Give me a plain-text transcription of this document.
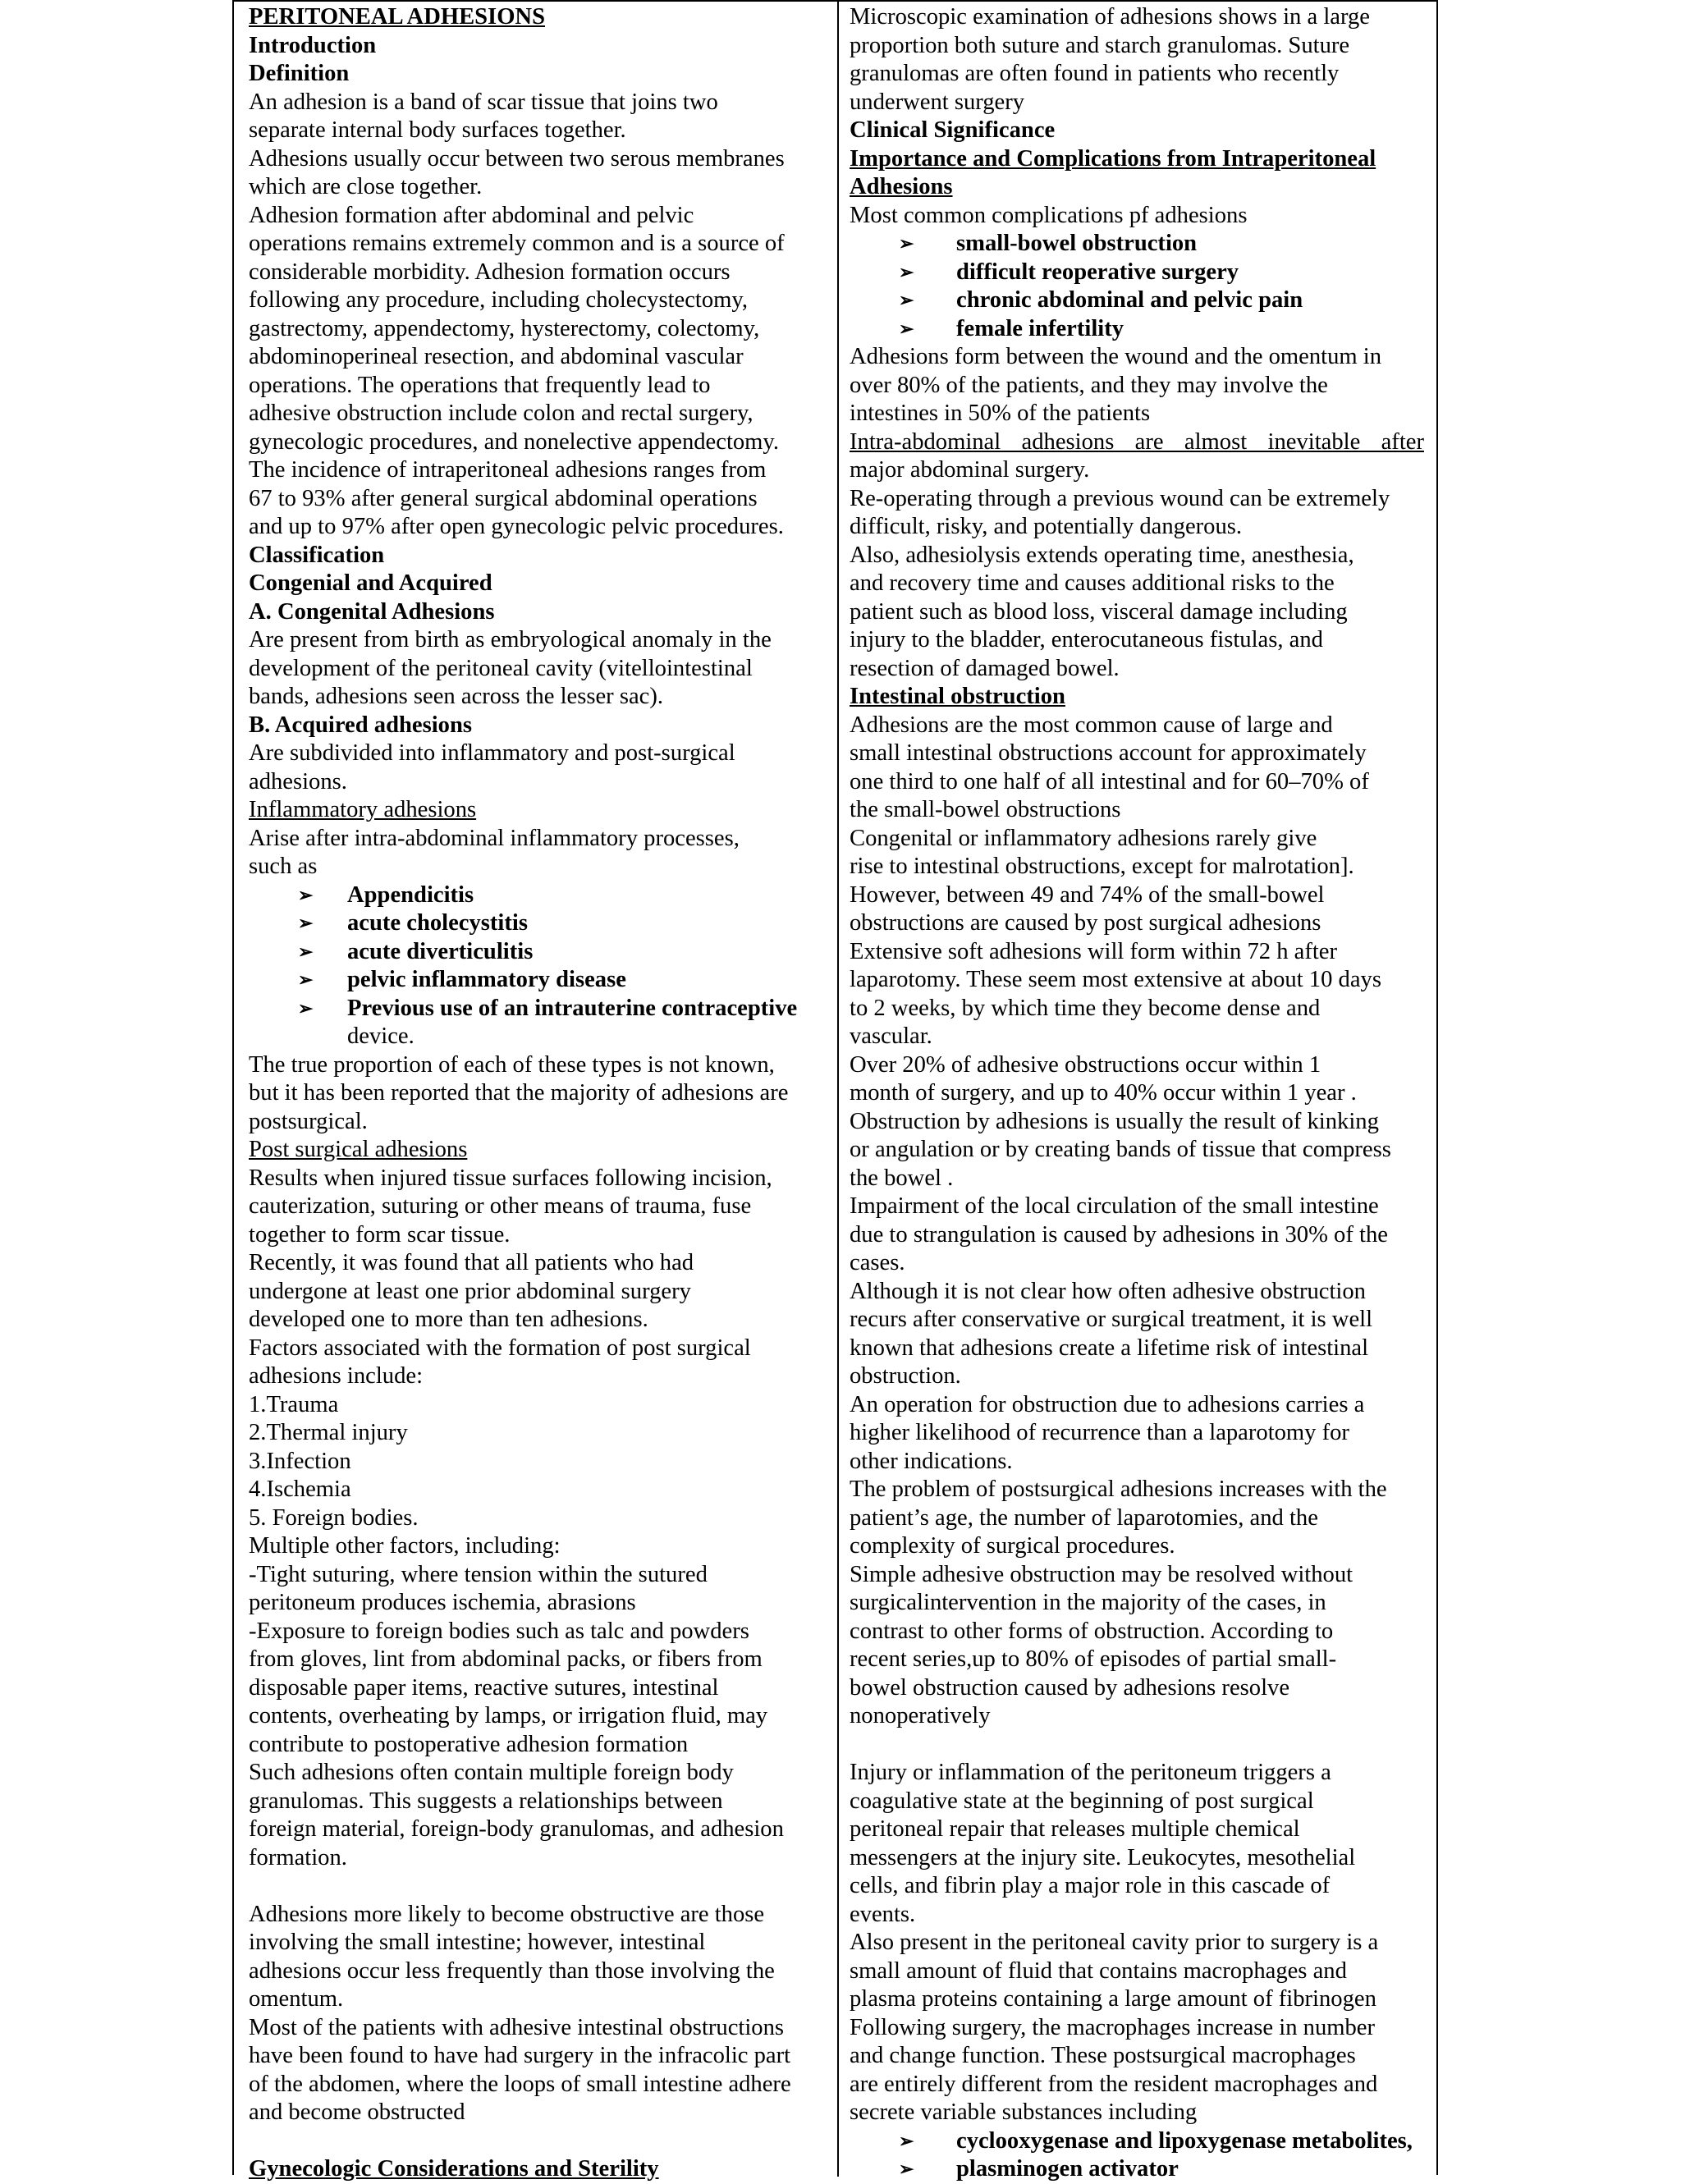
PERITONEAL ADHESIONS
Introduction
Definition
An adhesion is a band of scar tissue that joins two
separate internal body surfaces together.
Adhesions usually occur between two serous membranes
which are close together.
Adhesion formation after abdominal and pelvic
operations remains extremely common and is a source of
considerable morbidity. Adhesion formation occurs
following any procedure, including cholecystectomy,
gastrectomy, appendectomy, hysterectomy, colectomy,
abdominoperineal resection, and abdominal vascular
operations. The operations that frequently lead to
adhesive obstruction include colon and rectal surgery,
gynecologic procedures, and nonelective appendectomy.
The incidence of intraperitoneal adhesions ranges from
67 to 93% after general surgical abdominal operations
and up to 97% after open gynecologic pelvic procedures.
Classification
Congenial and Acquired
A. Congenital Adhesions
Are present from birth as embryological anomaly in the
development of the peritoneal cavity (vitellointestinal
bands, adhesions seen across the lesser sac).
B. Acquired adhesions
Are subdivided into inflammatory and post-surgical
adhesions.
Inflammatory adhesions
Arise after intra-abdominal inflammatory processes,
such as
➢ Appendicitis
➢ acute cholecystitis
➢ acute diverticulitis
➢ pelvic inflammatory disease
➢ Previous use of an intrauterine contraceptive
device.
The true proportion of each of these types is not known,
but it has been reported that the majority of adhesions are
postsurgical.
Post surgical adhesions
Results when injured tissue surfaces following incision,
cauterization, suturing or other means of trauma, fuse
together to form scar tissue.
Recently, it was found that all patients who had
undergone at least one prior abdominal surgery
developed one to more than ten adhesions.
Factors associated with the formation of post surgical
adhesions include:
1.Trauma
2.Thermal injury
3.Infection
4.Ischemia
5. Foreign bodies.
Multiple other factors, including:
-Tight suturing, where tension within the sutured
peritoneum produces ischemia, abrasions
-Exposure to foreign bodies such as talc and powders
from gloves, lint from abdominal packs, or fibers from
disposable paper items, reactive sutures, intestinal
contents, overheating by lamps, or irrigation fluid, may
contribute to postoperative adhesion formation
Such adhesions often contain multiple foreign body
granulomas. This suggests a relationships between
foreign material, foreign-body granulomas, and adhesion
formation.
Adhesions more likely to become obstructive are those
involving the small intestine; however, intestinal
adhesions occur less frequently than those involving the
omentum.
Most of the patients with adhesive intestinal obstructions
have been found to have had surgery in the infracolic part
of the abdomen, where the loops of small intestine adhere
and become obstructed
Gynecologic Considerations and Sterility
Microscopic examination of adhesions shows in a large
proportion both suture and starch granulomas. Suture
granulomas are often found in patients who recently
underwent surgery
Clinical Significance
Importance and Complications from Intraperitoneal
Adhesions
Most common complications pf adhesions
➢ small-bowel obstruction
➢ difficult reoperative surgery
➢ chronic abdominal and pelvic pain
➢ female infertility
Adhesions form between the wound and the omentum in
over 80% of the patients, and they may involve the
intestines in 50% of the patients
Intra-abdominal adhesions are almost inevitable after
major abdominal surgery.
Re-operating through a previous wound can be extremely
difficult, risky, and potentially dangerous.
Also, adhesiolysis extends operating time, anesthesia,
and recovery time and causes additional risks to the
patient such as blood loss, visceral damage including
injury to the bladder, enterocutaneous fistulas, and
resection of damaged bowel.
Intestinal obstruction
Adhesions are the most common cause of large and
small intestinal obstructions account for approximately
one third to one half of all intestinal and for 60–70% of
the small-bowel obstructions
Congenital or inflammatory adhesions rarely give
rise to intestinal obstructions, except for malrotation].
However, between 49 and 74% of the small-bowel
obstructions are caused by post surgical adhesions
Extensive soft adhesions will form within 72 h after
laparotomy. These seem most extensive at about 10 days
to 2 weeks, by which time they become dense and
vascular.
Over 20% of adhesive obstructions occur within 1
month of surgery, and up to 40% occur within 1 year .
Obstruction by adhesions is usually the result of kinking
or angulation or by creating bands of tissue that compress
the bowel .
Impairment of the local circulation of the small intestine
due to strangulation is caused by adhesions in 30% of the
cases.
Although it is not clear how often adhesive obstruction
recurs after conservative or surgical treatment, it is well
known that adhesions create a lifetime risk of intestinal
obstruction.
An operation for obstruction due to adhesions carries a
higher likelihood of recurrence than a laparotomy for
other indications.
The problem of postsurgical adhesions increases with the
patient’s age, the number of laparotomies, and the
complexity of surgical procedures.
Simple adhesive obstruction may be resolved without
surgicalintervention in the majority of the cases, in
contrast to other forms of obstruction. According to
recent series,up to 80% of episodes of partial small-
bowel obstruction caused by adhesions resolve
nonoperatively
Injury or inflammation of the peritoneum triggers a
coagulative state at the beginning of post surgical
peritoneal repair that releases multiple chemical
messengers at the injury site. Leukocytes, mesothelial
cells, and fibrin play a major role in this cascade of
events.
Also present in the peritoneal cavity prior to surgery is a
small amount of fluid that contains macrophages and
plasma proteins containing a large amount of fibrinogen
Following surgery, the macrophages increase in number
and change function. These postsurgical macrophages
are entirely different from the resident macrophages and
secrete variable substances including
➢ cyclooxygenase and lipoxygenase metabolites,
➢ plasminogen activator
